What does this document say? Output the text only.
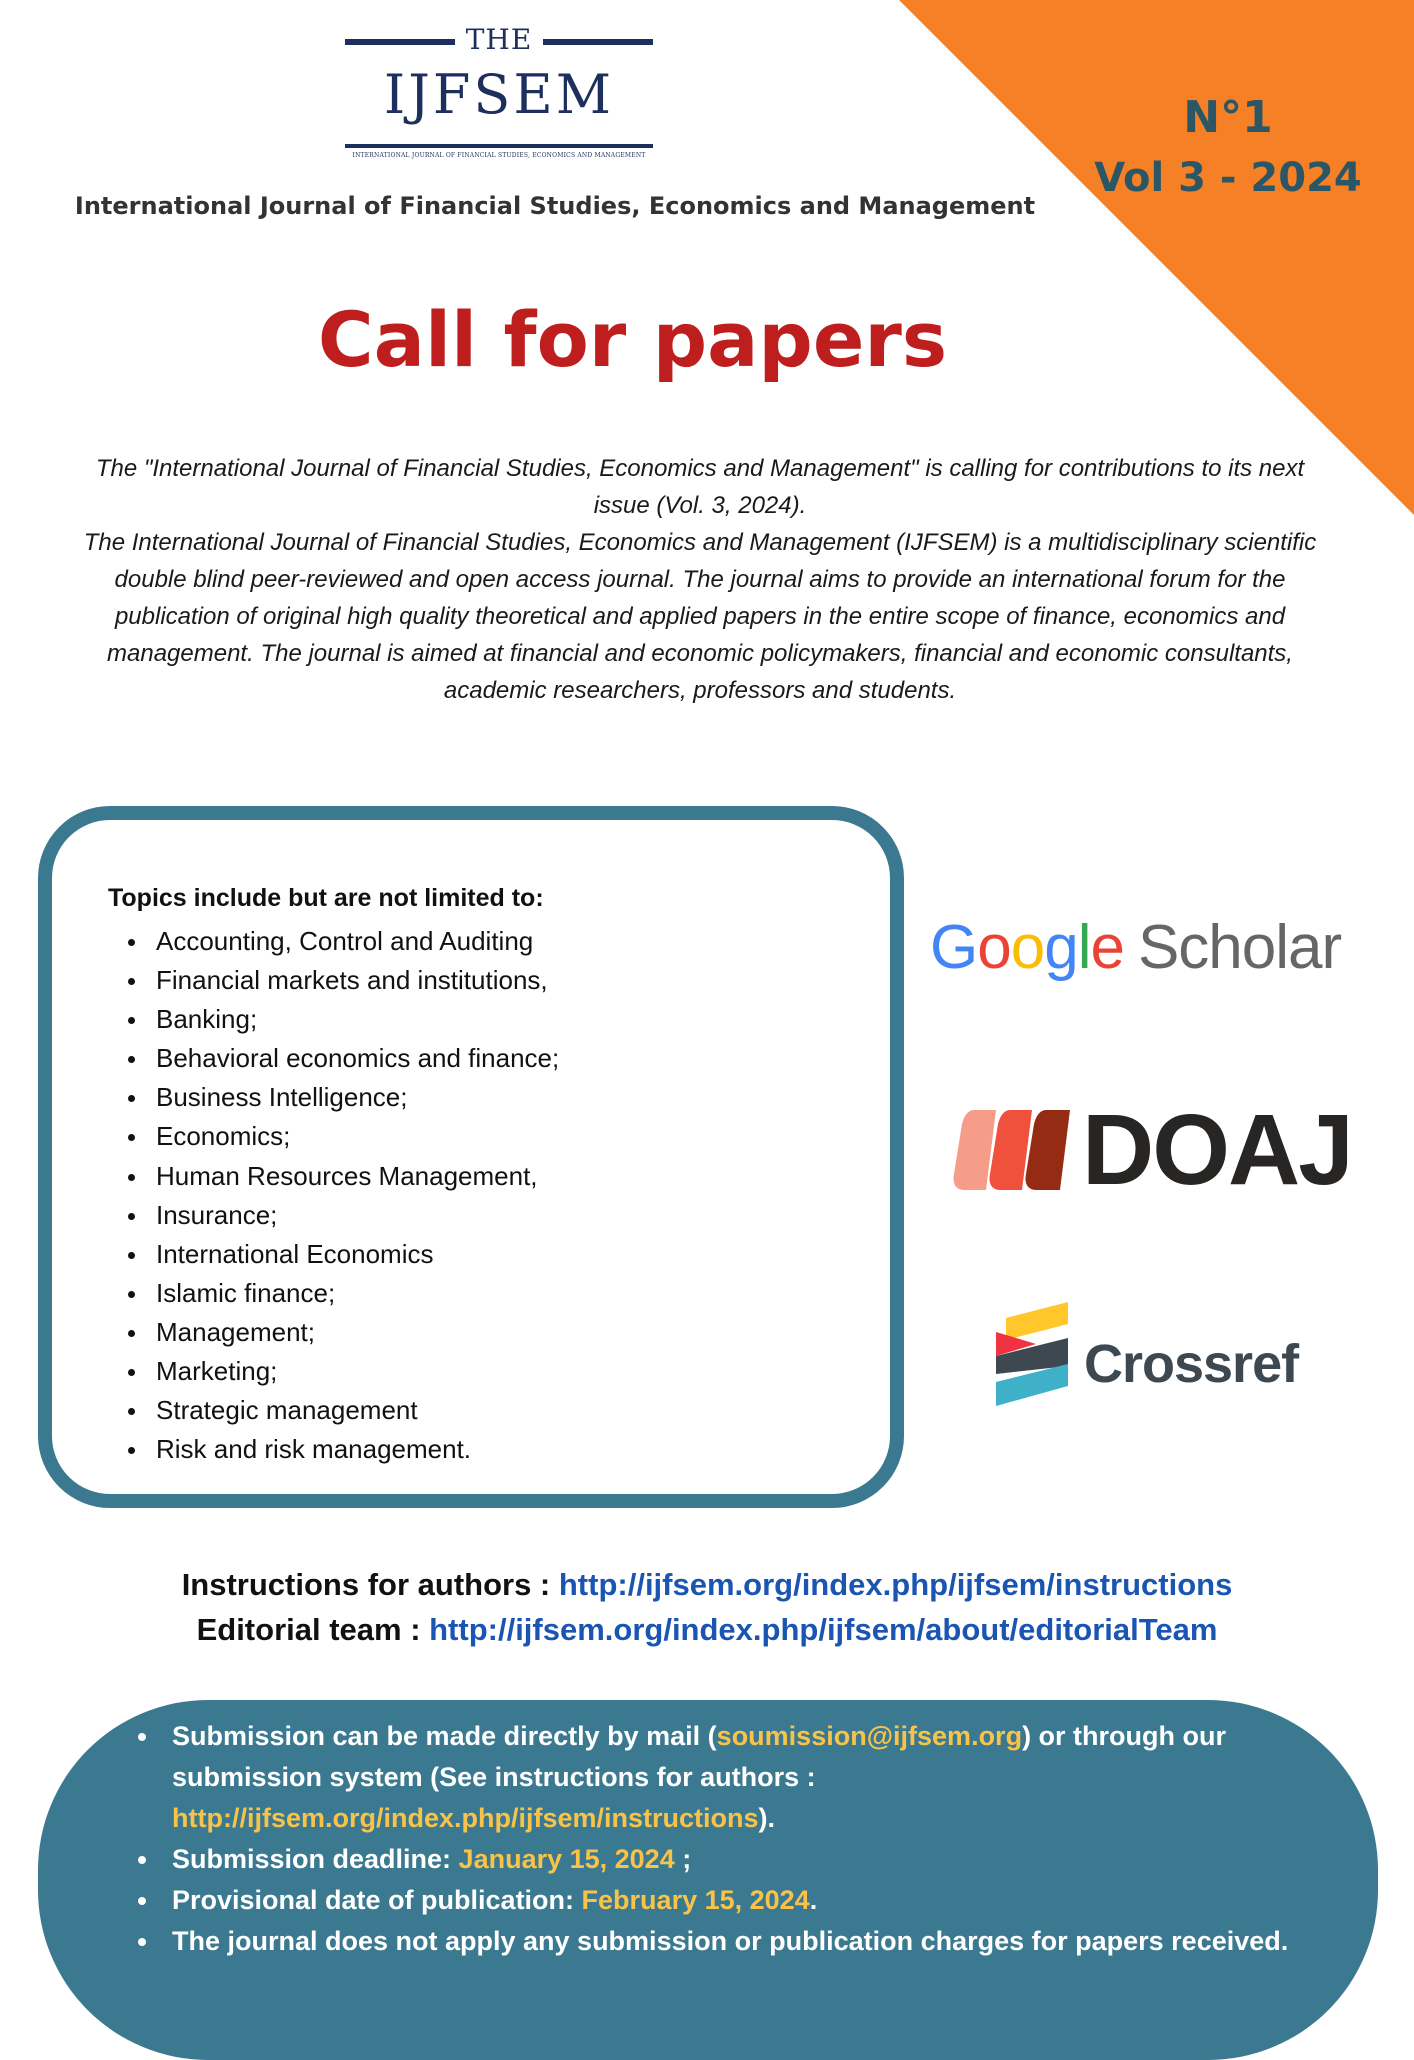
N°1
Vol 3 - 2024
THE
IJFSEM
INTERNATIONAL JOURNAL OF FINANCIAL STUDIES, ECONOMICS AND MANAGEMENT
International Journal of Financial Studies, Economics and Management
Call for papers

The "International Journal of Financial Studies, Economics and Management" is calling for contributions to its next issue (Vol. 3, 2024).

The International Journal of Financial Studies, Economics and Management (IJFSEM) is a multidisciplinary scientific double blind peer-reviewed and open access journal. The journal aims to provide an international forum for the publication of original high quality theoretical and applied papers in the entire scope of finance, economics and management. The journal is aimed at financial and economic policymakers, financial and economic consultants, academic researchers, professors and students.

Topics include but are not limited to:
Accounting, Control and Auditing
Financial markets and institutions,
Banking;
Behavioral economics and finance;
Business Intelligence;
Economics;
Human Resources Management,
Insurance;
International Economics
Islamic finance;
Management;
Marketing;
Strategic management
Risk and risk management.
Google Scholar
DOAJ
Crossref
Instructions for authors : http://ijfsem.org/index.php/ijfsem/instructions
Editorial team : http://ijfsem.org/index.php/ijfsem/about/editorialTeam
Submission can be made directly by mail (soumission@ijfsem.org) or through our submission system (See instructions for authors : http://ijfsem.org/index.php/ijfsem/instructions).
Submission deadline: January 15, 2024 ;
Provisional date of publication: February 15, 2024.
The journal does not apply any submission or publication charges for papers received.
